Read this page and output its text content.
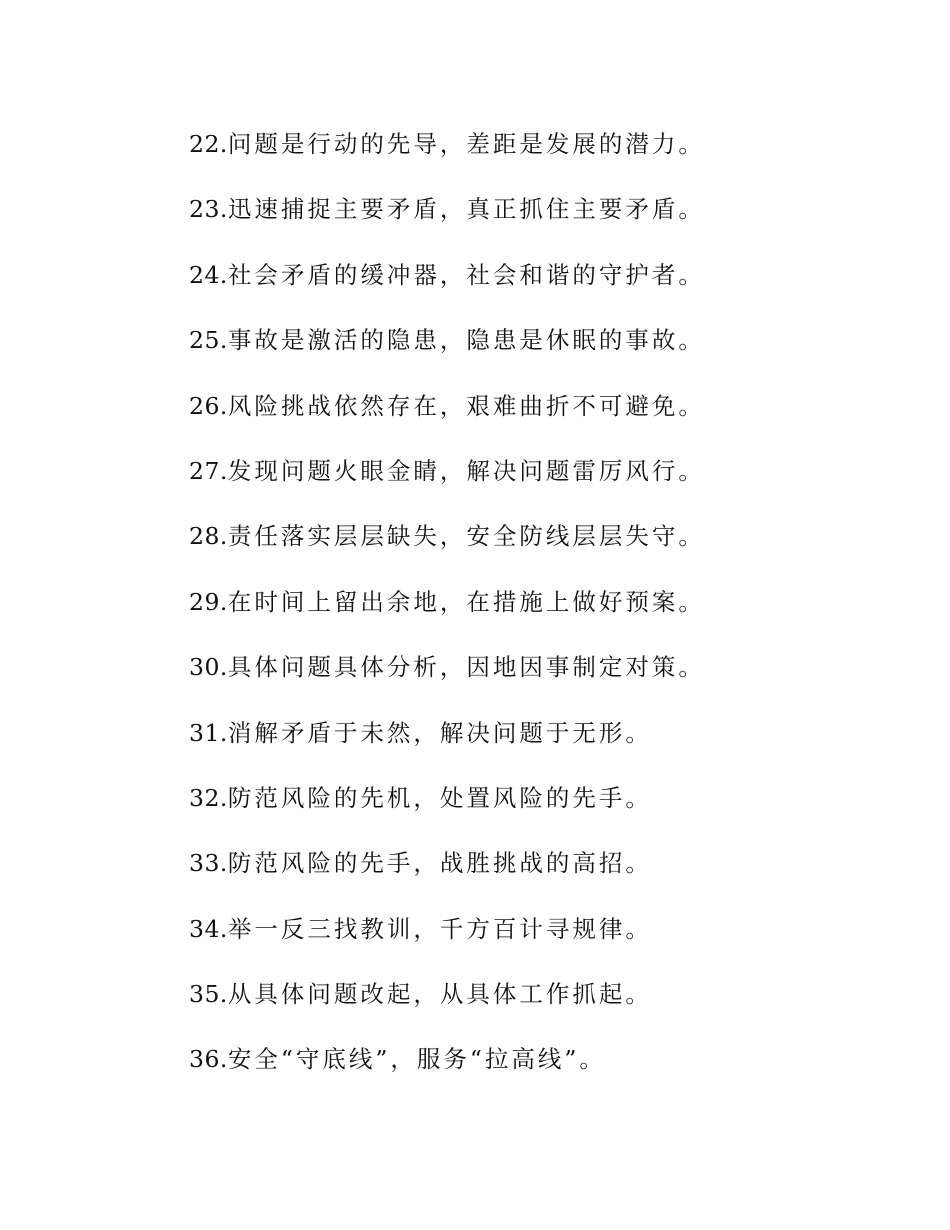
22. 问题是行动的先导，差距是发展的潜力。
23. 迅速捕捉主要矛盾，真正抓住主要矛盾。
24. 社会矛盾的缓冲器，社会和谐的守护者。
25. 事故是激活的隐患，隐患是休眠的事故。
26. 风险挑战依然存在，艰难曲折不可避免。
27. 发现问题火眼金睛，解决问题雷厉风行。
28. 责任落实层层缺失，安全防线层层失守。
29. 在时间上留出余地，在措施上做好预案。
30. 具体问题具体分析，因地因事制定对策。
31. 消解矛盾于未然，解决问题于无形。
32. 防范风险的先机，处置风险的先手。
33. 防范风险的先手，战胜挑战的高招。
34. 举一反三找教训，千方百计寻规律。
35. 从具体问题改起，从具体工作抓起。
36. 安全“守底线”，服务“拉高线”。
